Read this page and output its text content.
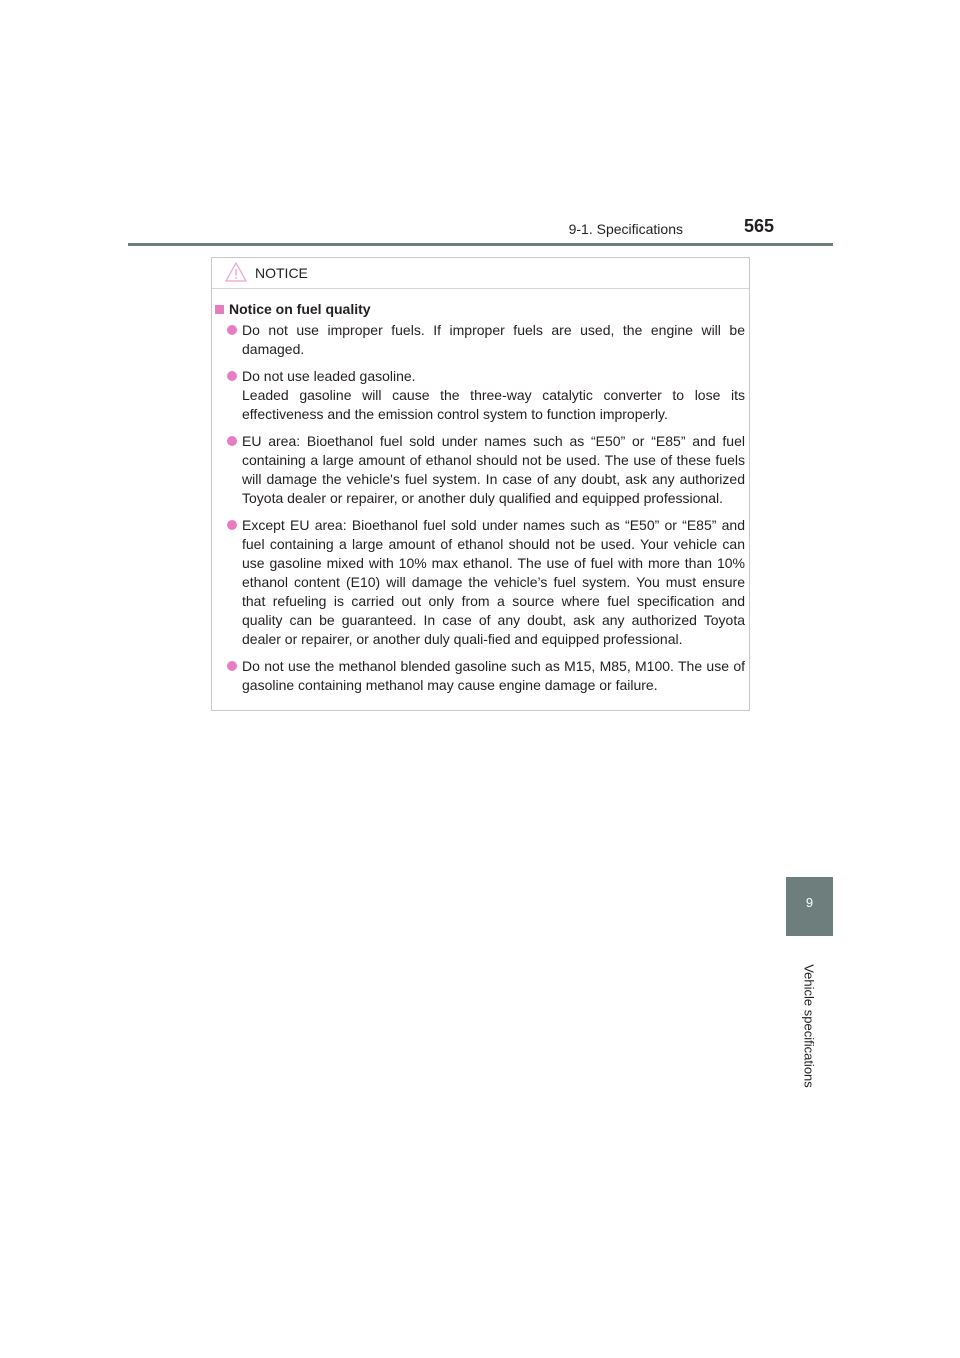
9-1. Specifications	565
9
Vehicle specifications
NOTICE
Notice on fuel quality

Do not use improper fuels. If improper fuels are used, the engine will be damaged.

Do not use leaded gasoline.

Leaded gasoline will cause the three-way catalytic converter to lose its effectiveness and the emission control system to function improperly.

EU area: Bioethanol fuel sold under names such as “E50” or “E85” and fuel containing a large amount of ethanol should not be used. The use of these fuels will damage the vehicle's fuel system. In case of any doubt, ask any authorized Toyota dealer or repairer, or another duly qualified and equipped professional.

Except EU area: Bioethanol fuel sold under names such as “E50” or “E85” and fuel containing a large amount of ethanol should not be used. Your vehicle can use gasoline mixed with 10% max ethanol. The use of fuel with more than 10% ethanol content (E10) will damage the vehicle’s fuel system. You must ensure that refueling is carried out only from a source where fuel specification and quality can be guaranteed. In case of any doubt, ask any authorized Toyota dealer or repairer, or another duly quali-fied and equipped professional.

Do not use the methanol blended gasoline such as M15, M85, M100. The use of gasoline containing methanol may cause engine damage or failure.
